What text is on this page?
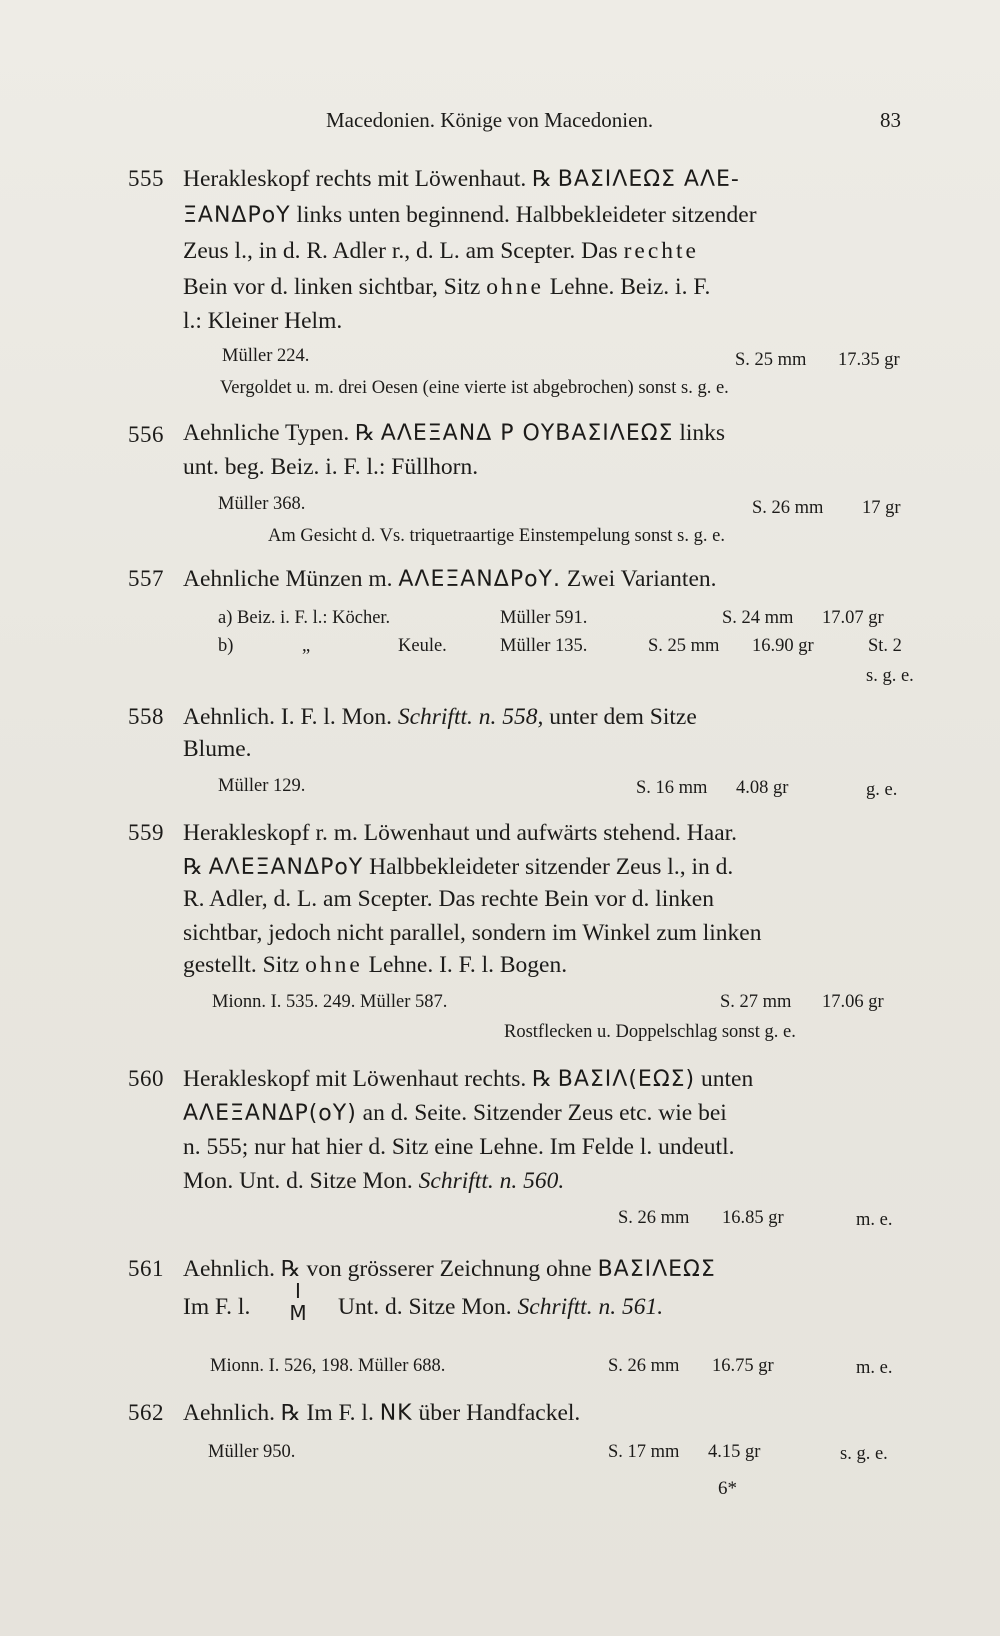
Macedonien. Könige von Macedonien.	83
555 Herakleskopf rechts mit Löwenhaut. ℞ ΒΑΣΙΛΕΩΣ ΑΛΕ-
ΞΑΝΔΡοΥ links unten beginnend. Halbbekleideter sitzender
Zeus l., in d. R. Adler r., d. L. am Scepter. Das rechte
Bein vor d. linken sichtbar, Sitz ohne Lehne. Beiz. i. F.
l.: Kleiner Helm.
Müller 224.	S. 25 mm 17.35 gr
Vergoldet u. m. drei Oesen (eine vierte ist abgebrochen) sonst s. g. e.
556 Aehnliche Typen. ℞ ΑΛΕΞΑΝΔ Ρ ΟΥΒΑΣΙΛΕΩΣ links
unt. beg. Beiz. i. F. l.: Füllhorn.
Müller 368.	S. 26 mm 17 gr
Am Gesicht d. Vs. triquetraartige Einstempelung sonst s. g. e.
557 Aehnliche Münzen m. ΑΛΕΞΑΝΔΡοΥ. Zwei Varianten.
a) Beiz. i. F. l.: Köcher.	Müller 591.	S. 24 mm 17.07 gr
b)	„	Keule.	Müller 135.	S. 25 mm 16.90 gr	St. 2
s. g. e.
558 Aehnlich. I. F. l. Mon. Schriftt. n. 558, unter dem Sitze
Blume.
Müller 129.	S. 16 mm 4.08 gr	g. e.
559 Herakleskopf r. m. Löwenhaut und aufwärts stehend. Haar.
℞ ΑΛΕΞΑΝΔΡοΥ Halbbekleideter sitzender Zeus l., in d.
R. Adler, d. L. am Scepter. Das rechte Bein vor d. linken
sichtbar, jedoch nicht parallel, sondern im Winkel zum linken
gestellt. Sitz ohne Lehne. I. F. l. Bogen.
Mionn. I. 535. 249. Müller 587.	S. 27 mm 17.06 gr
Rostflecken u. Doppelschlag sonst g. e.
560 Herakleskopf mit Löwenhaut rechts. ℞ ΒΑΣΙΛ(ΕΩΣ) unten
ΑΛΕΞΑΝΔΡ(οΥ) an d. Seite. Sitzender Zeus etc. wie bei
n. 555; nur hat hier d. Sitz eine Lehne. Im Felde l. undeutl.
Mon. Unt. d. Sitze Mon. Schriftt. n. 560.
S. 26 mm 16.85 gr	m. e.
561 Aehnlich. ℞ von grösserer Zeichnung ohne ΒΑΣΙΛΕΩΣ
Im F. l.
I
M Unt. d. Sitze Mon. Schriftt. n. 561.
Mionn. I. 526, 198. Müller 688.	S. 26 mm 16.75 gr	m. e.
562 Aehnlich. ℞ Im F. l. ΝΚ über Handfackel.
Müller 950.	S. 17 mm 4.15 gr	s. g. e.
6*
